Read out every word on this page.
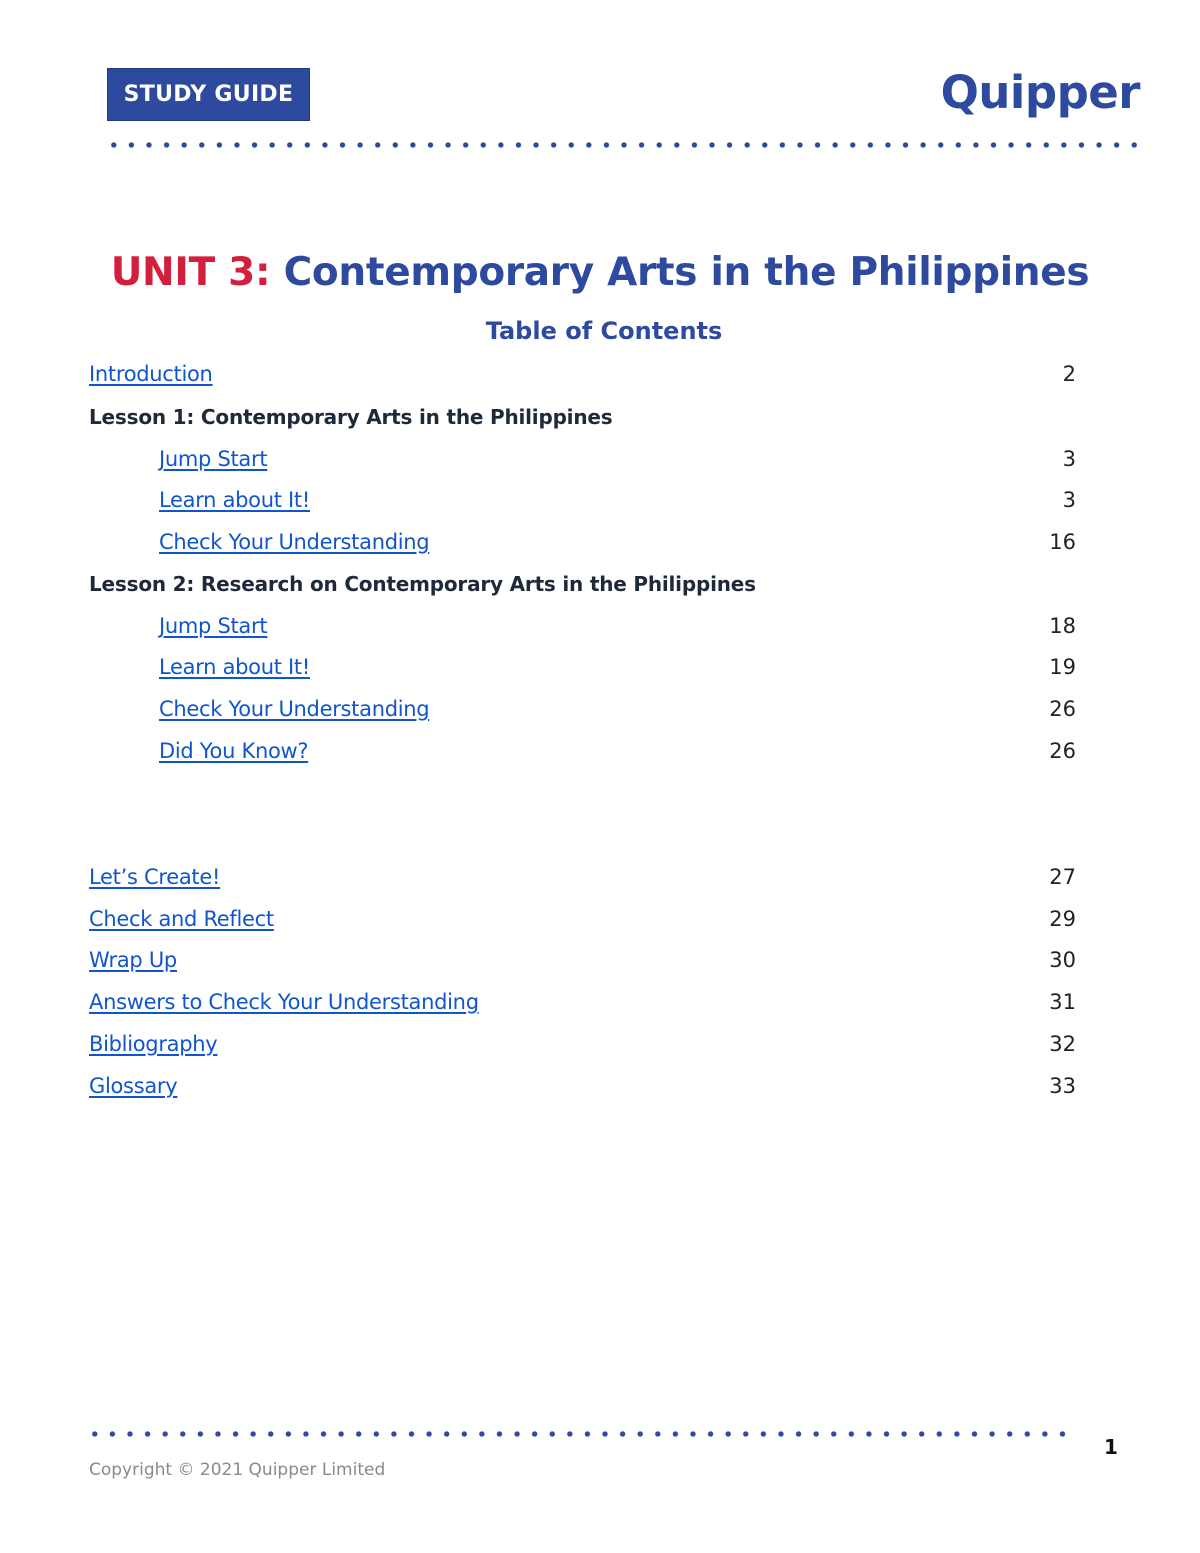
STUDY GUIDE	Quipper
UNIT 3: Contemporary Arts in the Philippines
Table of Contents
Introduction	2
Lesson 1: Contemporary Arts in the Philippines
Jump Start	3
Learn about It!	3
Check Your Understanding	16
Lesson 2: Research on Contemporary Arts in the Philippines
Jump Start	18
Learn about It!	19
Check Your Understanding	26
Did You Know?	26
Let’s Create!	27
Check and Reflect	29
Wrap Up	30
Answers to Check Your Understanding	31
Bibliography	32
Glossary	33
1
Copyright © 2021 Quipper Limited
